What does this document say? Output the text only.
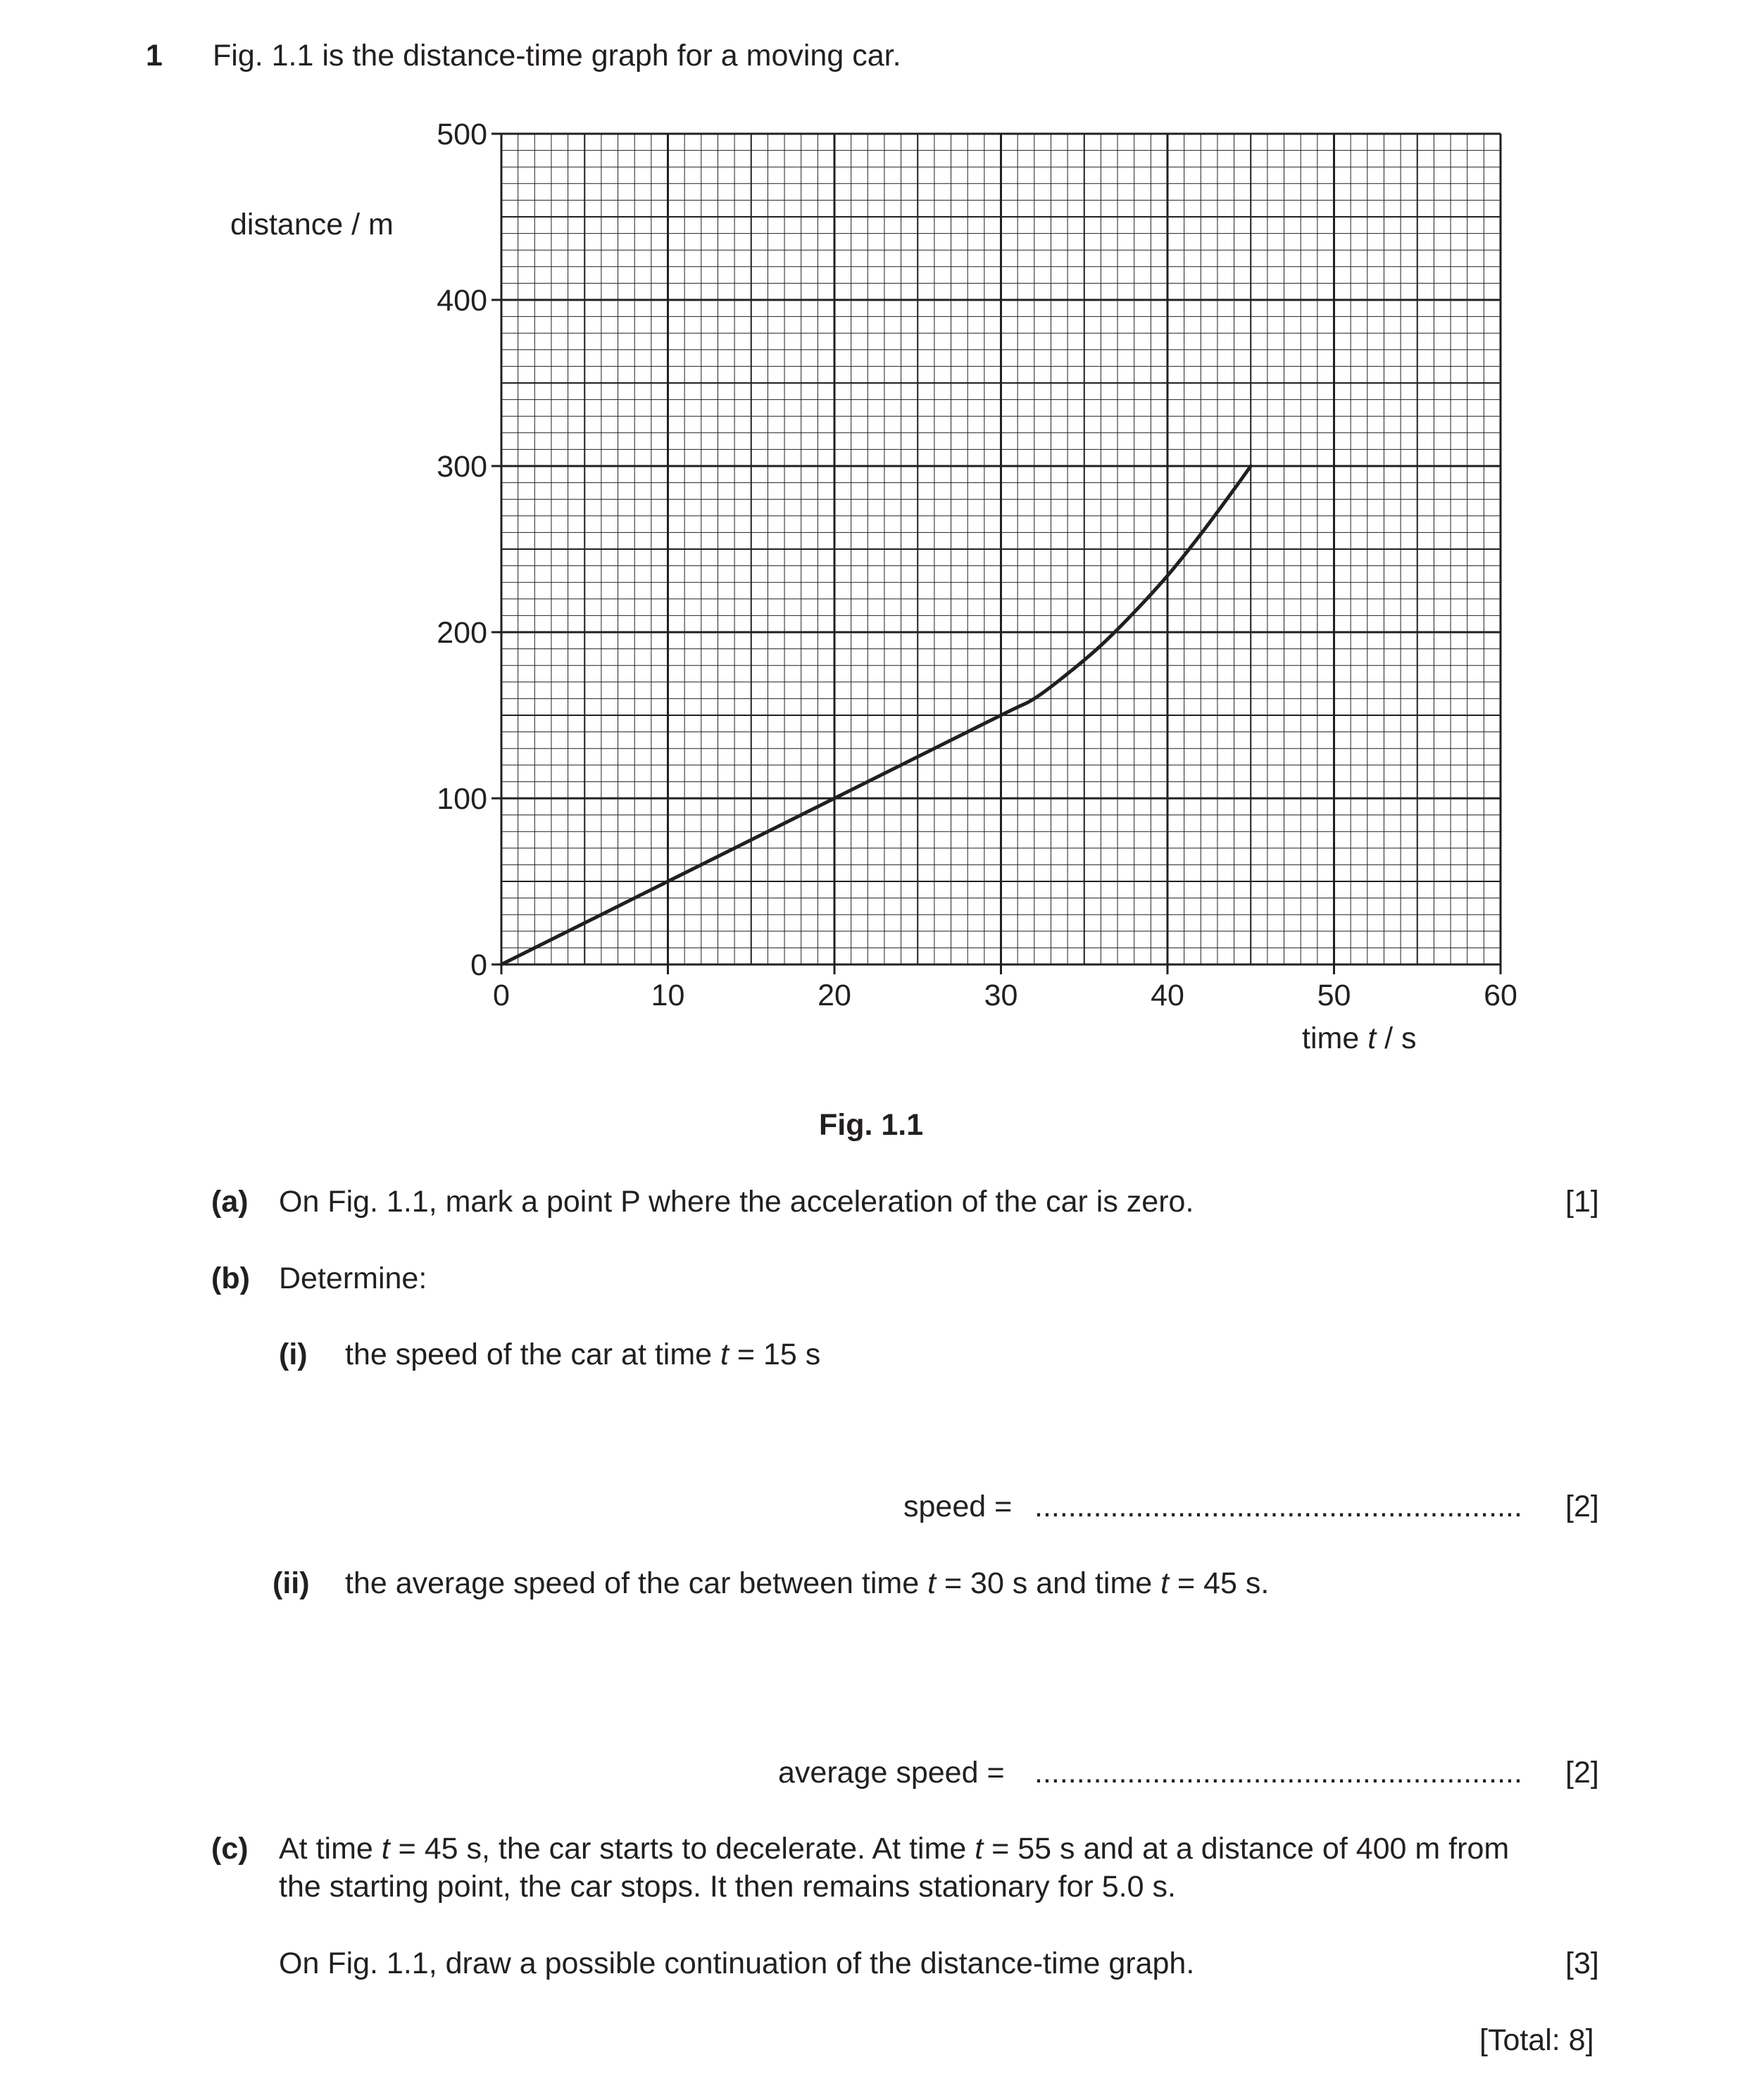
1 Fig. 1.1 is the distance-time graph for a moving car.
0	10	20	30	40	50	60
0
100
200
300
400
500
distance / m
time t / s
Fig. 1.1
(a) On Fig. 1.1, mark a point P where the acceleration of the car is zero.	[1]
(b) Determine:
(i) the speed of the car at time t = 15 s
speed = .......................................................... [2]
(ii) the average speed of the car between time t = 30 s and time t = 45 s.
average speed = .......................................................... [2]
(c) At time t = 45 s, the car starts to decelerate. At time t = 55 s and at a distance of 400 m from
the starting point, the car stops. It then remains stationary for 5.0 s.
On Fig. 1.1, draw a possible continuation of the distance-time graph.	[3]
[Total: 8]
